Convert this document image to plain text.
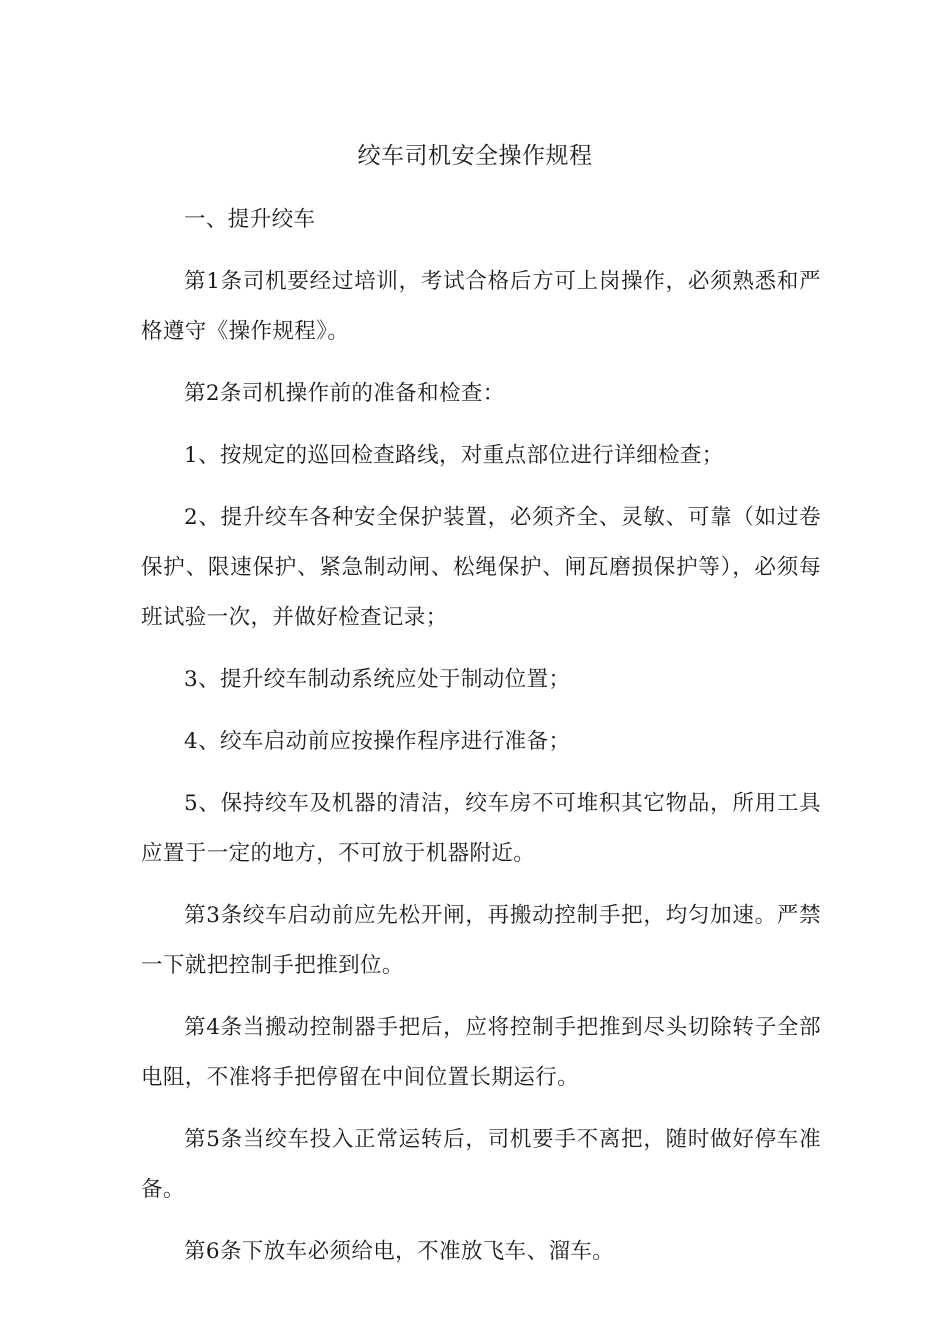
绞车司机安全操作规程

一、提升绞车

第1条司机要经过培训，考试合格后方可上岗操作，必须熟悉和严格遵守《操作规程》。

第2条司机操作前的准备和检查：

1、按规定的巡回检查路线，对重点部位进行详细检查；

2、提升绞车各种安全保护装置，必须齐全、灵敏、可靠（如过卷保护、限速保护、紧急制动闸、松绳保护、闸瓦磨损保护等），必须每班试验一次，并做好检查记录；

3、提升绞车制动系统应处于制动位置；

4、绞车启动前应按操作程序进行准备；

5、保持绞车及机器的清洁，绞车房不可堆积其它物品，所用工具应置于一定的地方，不可放于机器附近。

第3条绞车启动前应先松开闸，再搬动控制手把，均匀加速。严禁一下就把控制手把推到位。

第4条当搬动控制器手把后，应将控制手把推到尽头切除转子全部电阻，不准将手把停留在中间位置长期运行。

第5条当绞车投入正常运转后，司机要手不离把，随时做好停车准备。

第6条下放车必须给电，不准放飞车、溜车。
